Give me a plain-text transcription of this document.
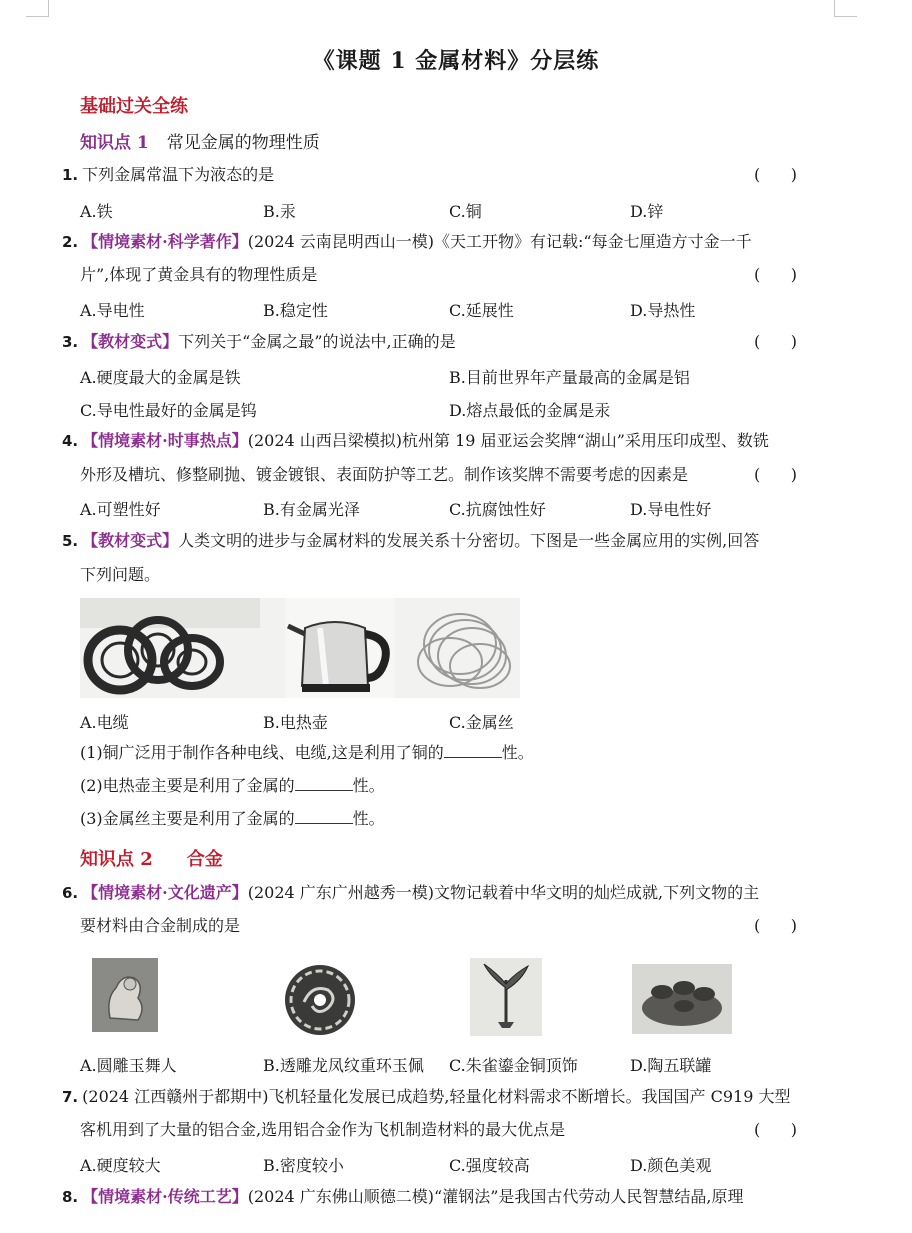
《课题 1 金属材料》分层练
基础过关全练
知识点 1 常见金属的物理性质
1. 下列金属常温下为液态的是	(      )
A.铁	B.汞	C.铜	D.锌
2. 【情境素材·科学著作】(2024 云南昆明西山一模)《天工开物》有记载:“每金七厘造方寸金一千
片”,体现了黄金具有的物理性质是	(      )
A.导电性	B.稳定性	C.延展性	D.导热性
3. 【教材变式】下列关于“金属之最”的说法中,正确的是	(      )
A.硬度最大的金属是铁	B.目前世界年产量最高的金属是铝
C.导电性最好的金属是钨	D.熔点最低的金属是汞
4. 【情境素材·时事热点】(2024 山西吕梁模拟)杭州第 19 届亚运会奖牌“湖山”采用压印成型、数铣
外形及槽坑、修整刷抛、镀金镀银、表面防护等工艺。制作该奖牌不需要考虑的因素是	(      )
A.可塑性好	B.有金属光泽	C.抗腐蚀性好	D.导电性好
5. 【教材变式】人类文明的进步与金属材料的发展关系十分密切。下图是一些金属应用的实例,回答
下列问题。
A.电缆	B.电热壶	C.金属丝
(1)铜广泛用于制作各种电线、电缆,这是利用了铜的	性。
(2)电热壶主要是利用了金属的	性。
(3)金属丝主要是利用了金属的	性。
知识点 2 合金
6. 【情境素材·文化遗产】(2024 广东广州越秀一模)文物记载着中华文明的灿烂成就,下列文物的主
要材料由合金制成的是	(      )
A.圆雕玉舞人	B.透雕龙凤纹重环玉佩 C.朱雀鎏金铜顶饰	D.陶五联罐
7. (2024 江西赣州于都期中)飞机轻量化发展已成趋势,轻量化材料需求不断增长。我国国产 C919 大型
客机用到了大量的铝合金,选用铝合金作为飞机制造材料的最大优点是	(      )
A.硬度较大	B.密度较小	C.强度较高	D.颜色美观
8. 【情境素材·传统工艺】(2024 广东佛山顺德二模)“灌钢法”是我国古代劳动人民智慧结晶,原理
